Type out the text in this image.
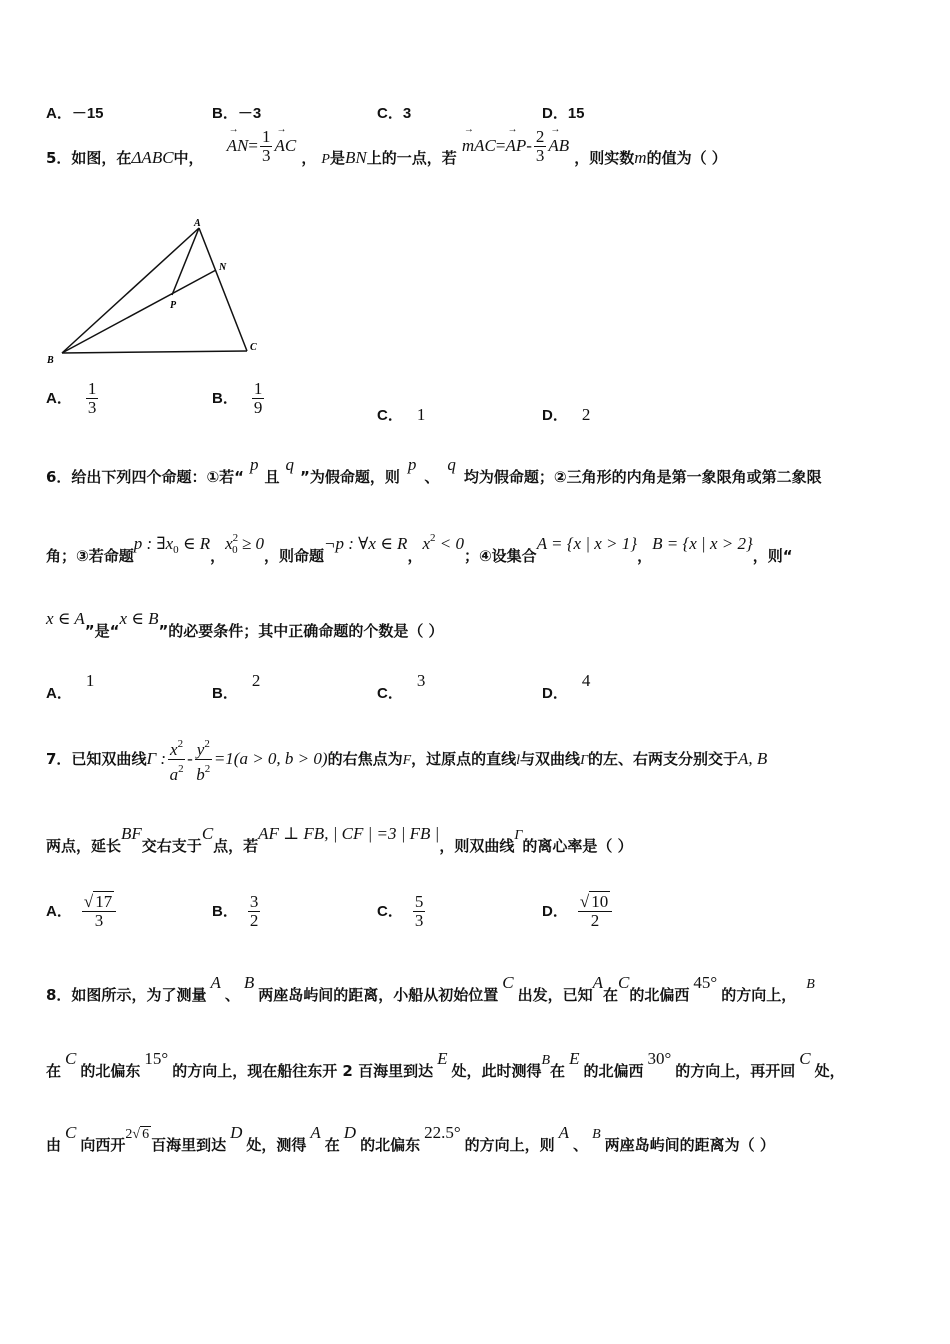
A．－15	B．－3	C．3	D．15
5．如图，在ΔABC中， → $AN= \frac{1}{3}$ → AC ， P是BN上的一点，若 → $mAC=\to AP- \frac{2}{3}$ → AB ，则实数m的值为（ ）
A
N
P
B
C
A． $\frac{1}{3}$	B． $\frac{1}{9}$	C． 1	D． 2
6．给出下列四个命题：①若“p且q”为假命题，则p、q均为假命题；②三角形的内角是第一象限角或第二象限
角；③若命题p : $\exists x^0$ ∈ R，$x^{20} \ge 0$，则命题¬p : ∀x ∈ R，$x^2 < 0$；④设集合A = {x | x > 1}，B = {x | x > 2}，则“
x ∈ A”是“x ∈ B”的必要条件；其中正确命题的个数是（ ）
A．1
B．2
C．3
D．4
7．已知双曲线Γ : $\frac{x^2}{a^2} - \frac{y^2}{b^2} =1(a > 0$, b > 0)的右焦点为F，过原点的直线l与双曲线Γ的左、右两支分别交于A, B
两点，延长BF交右支于C点，若AF ⊥ FB, | CF | =3 | FB |，则双曲线Γ的离心率是（ ）
A． $\frac{√ 17}{3}$	B． $\frac{3}{2}$	C． $\frac{5}{3}$	D． $\frac{√ 10}{2}$
8．如图所示，为了测量A、B两座岛屿间的距离，小船从初始位置C出发，已知A在C的北偏西45°的方向上，B
在C的北偏东15°的方向上，现在船往东开 2 百海里到达E处，此时测得B在E的北偏西30°的方向上，再开回C处，
由C向西开2√ 6百海里到达D处，测得A在D的北偏东22.5°的方向上，则A、B两座岛屿间的距离为（ ）
